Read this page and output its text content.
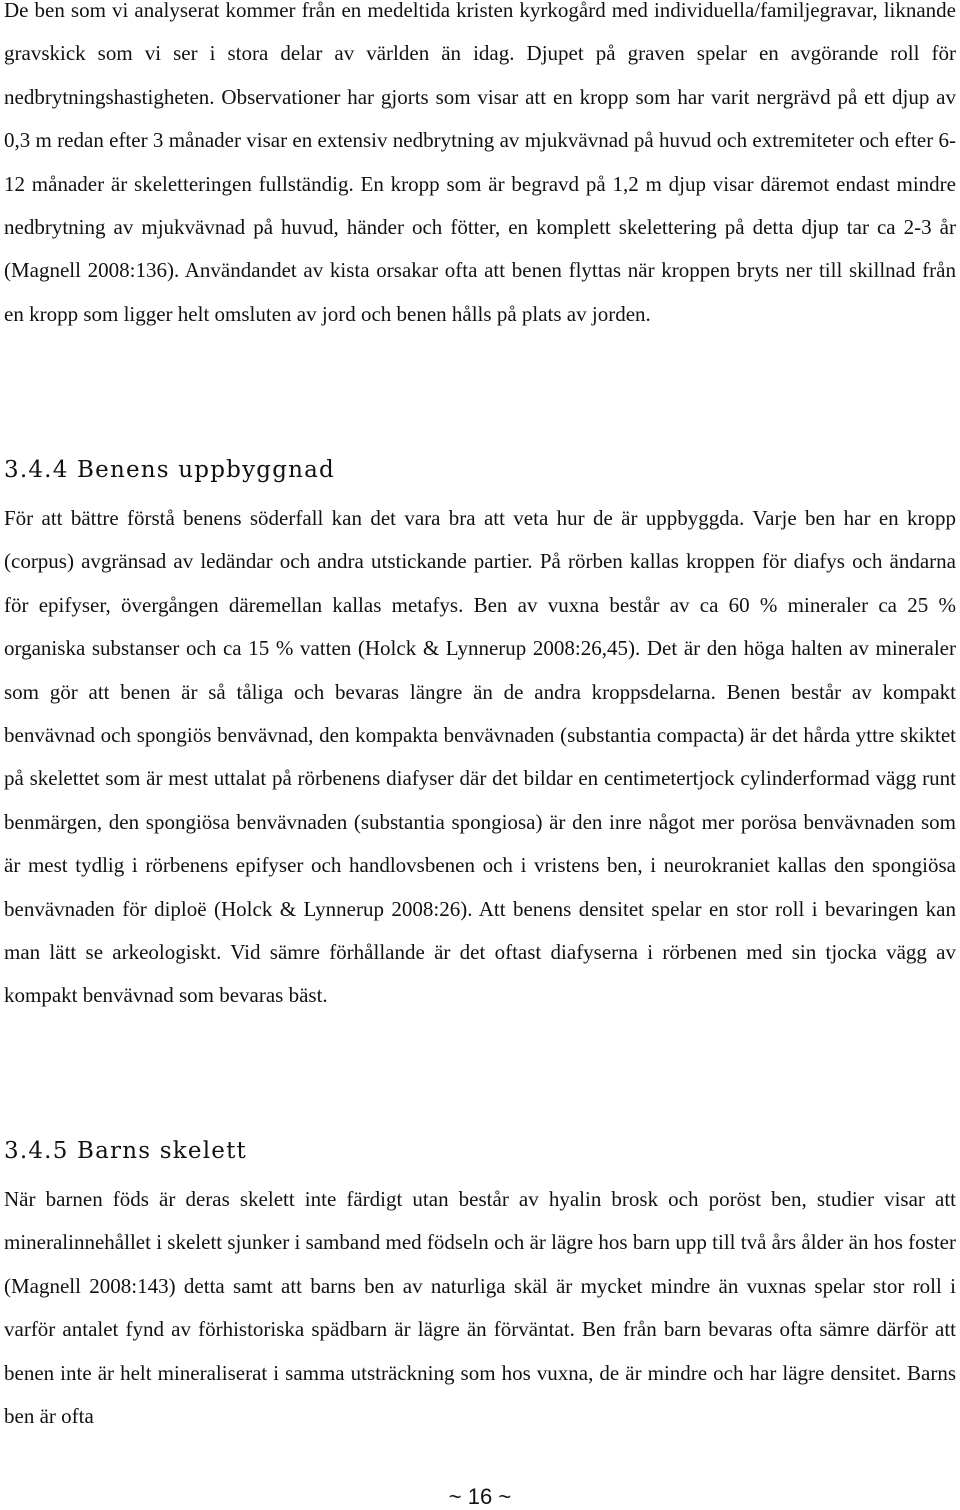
De ben som vi analyserat kommer från en medeltida kristen kyrkogård med individuella/familjegravar, liknande gravskick som vi ser i stora delar av världen än idag. Djupet på graven spelar en avgörande roll för nedbrytningshastigheten. Observationer har gjorts som visar att en kropp som har varit nergrävd på ett djup av 0,3 m redan efter 3 månader visar en extensiv nedbrytning av mjukvävnad på huvud och extremiteter och efter 6-12 månader är skeletteringen fullständig. En kropp som är begravd på 1,2 m djup visar däremot endast mindre nedbrytning av mjukvävnad på huvud, händer och fötter, en komplett skelettering på detta djup tar ca 2-3 år (Magnell 2008:136). Användandet av kista orsakar ofta att benen flyttas när kroppen bryts ner till skillnad från en kropp som ligger helt omsluten av jord och benen hålls på plats av jorden.

3.4.4 Benens uppbyggnad

För att bättre förstå benens söderfall kan det vara bra att veta hur de är uppbyggda. Varje ben har en kropp (corpus) avgränsad av ledändar och andra utstickande partier. På rörben kallas kroppen för diafys och ändarna för epifyser, övergången däremellan kallas metafys. Ben av vuxna består av ca 60 % mineraler ca 25 % organiska substanser och ca 15 % vatten (Holck & Lynnerup 2008:26,45). Det är den höga halten av mineraler som gör att benen är så tåliga och bevaras längre än de andra kroppsdelarna. Benen består av kompakt benvävnad och spongiös benvävnad, den kompakta benvävnaden (substantia compacta) är det hårda yttre skiktet på skelettet som är mest uttalat på rörbenens diafyser där det bildar en centimetertjock cylinderformad vägg runt benmärgen, den spongiösa benvävnaden (substantia spongiosa) är den inre något mer porösa benvävnaden som är mest tydlig i rörbenens epifyser och handlovsbenen och i vristens ben, i neurokraniet kallas den spongiösa benvävnaden för diploë (Holck & Lynnerup 2008:26). Att benens densitet spelar en stor roll i bevaringen kan man lätt se arkeologiskt. Vid sämre förhållande är det oftast diafyserna i rörbenen med sin tjocka vägg av kompakt benvävnad som bevaras bäst.

3.4.5 Barns skelett

När barnen föds är deras skelett inte färdigt utan består av hyalin brosk och poröst ben, studier visar att mineralinnehållet i skelett sjunker i samband med födseln och är lägre hos barn upp till två års ålder än hos foster (Magnell 2008:143) detta samt att barns ben av naturliga skäl är mycket mindre än vuxnas spelar stor roll i varför antalet fynd av förhistoriska spädbarn är lägre än förväntat. Ben från barn bevaras ofta sämre därför att benen inte är helt mineraliserat i samma utsträckning som hos vuxna, de är mindre och har lägre densitet. Barns ben är ofta

~ 16 ~
